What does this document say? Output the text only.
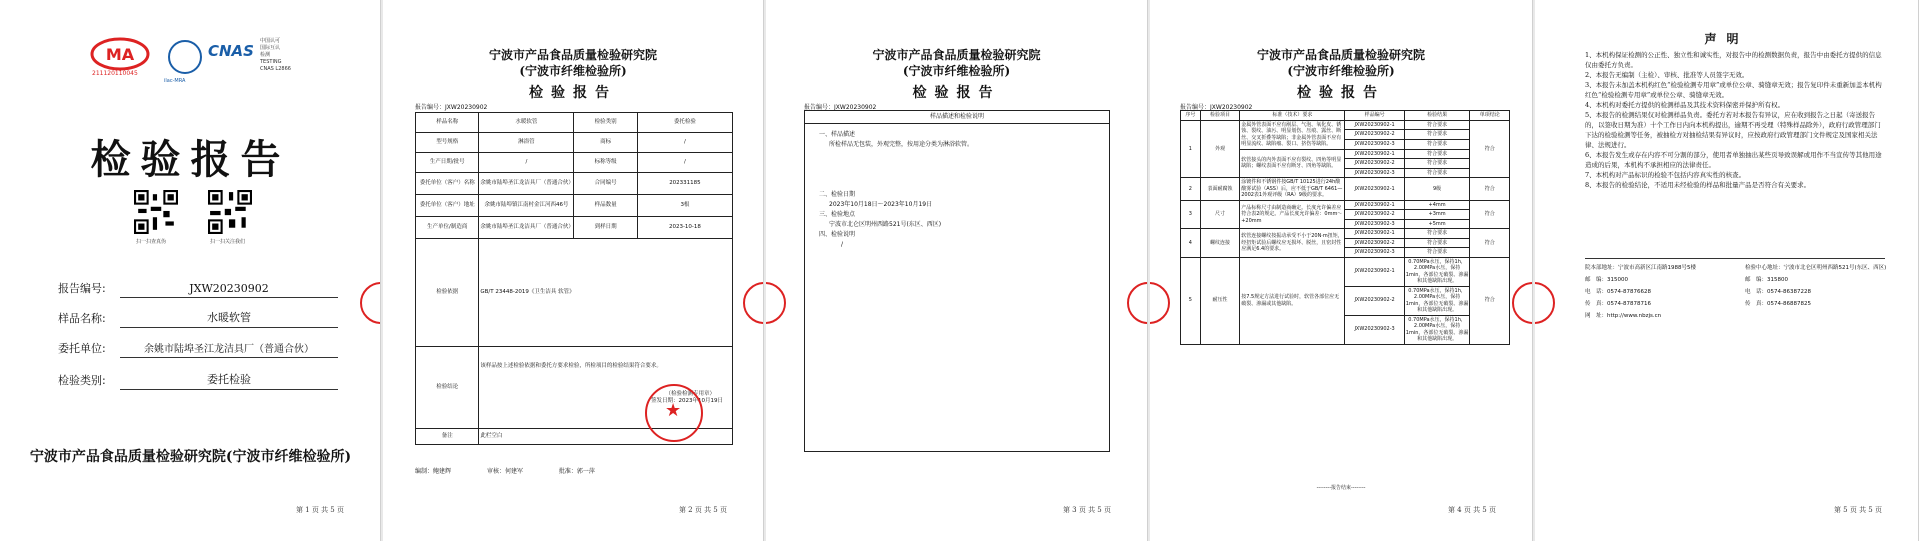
MA
211120110045
ilac-MRA
CNAS
中国认可
国际互认
检测
TESTING
CNAS L2866
检验报告
扫一扫查真伪	扫一扫关注我们
报告编号:	JXW20230902
样品名称:	水暖软管
委托单位:	余姚市陆埠圣江龙洁具厂（普通合伙）
检验类别:	委托检验
宁波市产品食品质量检验研究院(宁波市纤维检验所)
第 1 页 共 5 页
宁波市产品食品质量检验研究院
(宁波市纤维检验所)
检验报告
报告编号：JXW20230902
样品名称	水暖软管	检验类别	委托检验
型号规格	淋浴管	商标	/
生产日期/批号	/	标称等级	/
委托单位（客户）名称	余姚市陆埠圣江龙洁具厂（普通合伙）	合同编号	202331185
委托单位（客户）地址	余姚市陆埠镇江南村金江河西46号	样品数量	3根
生产单位/制造商	余姚市陆埠圣江龙洁具厂（普通合伙）	到样日期	2023-10-18
检验依据	GB/T 23448-2019《卫生洁具 软管》		
检验结论	该样品按上述检验依据和委托方要求检验，所检项目的检验结果符合要求。

（检验检测专用章）
签发日期：2023年10月19日		

备注	此栏空白		
★
编制：鲍建辉	审核：何建军	批准：郭一萍
第 2 页 共 5 页
宁波市产品食品质量检验研究院
(宁波市纤维检验所)
检验报告
报告编号：JXW20230902
样品描述和检验说明
一、样品描述
所检样品无包装，外观完整，按用途分类为淋浴软管。
二、检验日期
2023年10月18日～2023年10月19日
三、检验地点
宁波市北仑区明州西路521号(东区、西区)
四、检验说明
/
第 3 页 共 5 页
宁波市产品食品质量检验研究院
(宁波市纤维检验所)
检验报告
报告编号：JXW20230902
序号	检验项目	标准（技术）要求	样品编号	检验结果	单项结论
1	外观	金属外管表面不应有剐层、气泡、氧化皮、锈蚀、裂纹、油污、明显划伤、压痕、露丝、断丝、交叉折叠等缺陷；非金属外管表面不应有明显流纹、缺陷瘤、裂口、挤伤等缺陷。	JXW20230902-1	符合要求	符合
			JXW20230902-2	符合要求	
			JXW20230902-3	符合要求	
		软管接头的内外表面不应有裂纹、四角等明显缺陷；螺纹表面不应有断牙、四角等缺陷。	JXW20230902-1	符合要求	
			JXW20230902-2	符合要求	
			JXW20230902-3	符合要求	
2	表面耐腐蚀	涂镀件和不锈钢件按GB/T 10125进行24h酸酸雾试验（ASS）后，应不低于GB/T 6461—2002表1外观评级（RA）9级的要求。	JXW20230902-1	9级	符合
3	尺寸	产品标称尺寸由制造商确定。长度允许偏差应符合表2的规定。产品长度允许偏差：0mm～+20mm	JXW20230902-1	+4mm	符合
			JXW20230902-2	+3mm	
			JXW20230902-3	+5mm	
4	螺纹连接	软管连接螺纹按振动承受不小于20N·m扭矩，经扭矩试验后螺纹应无损坏、脱丝，且密封性应满足6.4的要求。	JXW20230902-1	符合要求	符合
			JXW20230902-2	符合要求	
			JXW20230902-3	符合要求	
5	耐压性	按7.5规定方法进行试验时，软管各部位应无破裂、渗漏或其他缺陷。	JXW20230902-1	0.70MPa水压，保持1h，2.00MPa水压，保持1min，各部位无破裂、渗漏和其他缺陷出现。	符合
			JXW20230902-2	0.70MPa水压，保持1h，2.00MPa水压，保持1min，各部位无破裂、渗漏和其他缺陷出现。	
			JXW20230902-3	0.70MPa水压，保持1h，2.00MPa水压，保持1min，各部位无破裂、渗漏和其他缺陷出现。	
--------报告结束--------
第 4 页 共 5 页
声明
1、本机构保证检测的公正性、独立性和诚实性，对报告中的检测数据负责，报告中由委托方提供的信息仅由委托方负责。
2、本报告无编制（主检）、审核、批准等人员签字无效。
3、本报告未加盖本机构红色“检验检测专用章”或单位公章、骑缝章无效；报告复印件未重新加盖本机构红色“检验检测专用章”或单位公章、骑缝章无效。
4、本机构对委托方提供的检测样品及其技术资料保密并保护所有权。
5、本报告的检测结果仅对检测样品负责。委托方若对本报告有异议，应在收到报告之日起（寄送报告的，以签收日期为准）十个工作日内向本机构提出，逾期不再受理（特殊样品除外），政府行政管理部门下达的检验检测等任务，被抽检方对抽检结果有异议时，应按政府行政管理部门文件规定及国家相关法律、法规进行。
6、本报告发生或存在内容不可分割的部分，使用者单独抽出某些页导致误解或用作不当宣传等其他用途造成的后果，本机构不承担相应的法律责任。
7、本机构对产品标识的检验不包括内容真实性的核查。
8、本报告的检验结论，不适用未经检验的样品和批量产品是否符合有关要求。
院本部地址：宁波市高新区江南路1988号5楼
邮　编：315000
电　话：0574-87876628
传　真：0574-87878716
网　址：http://www.nbzjs.cn
检验中心地址：宁波市北仑区明州西路521号(东区、西区)
邮　编：315800
电　话：0574-86387228
传　真：0574-86887825
第 5 页 共 5 页
